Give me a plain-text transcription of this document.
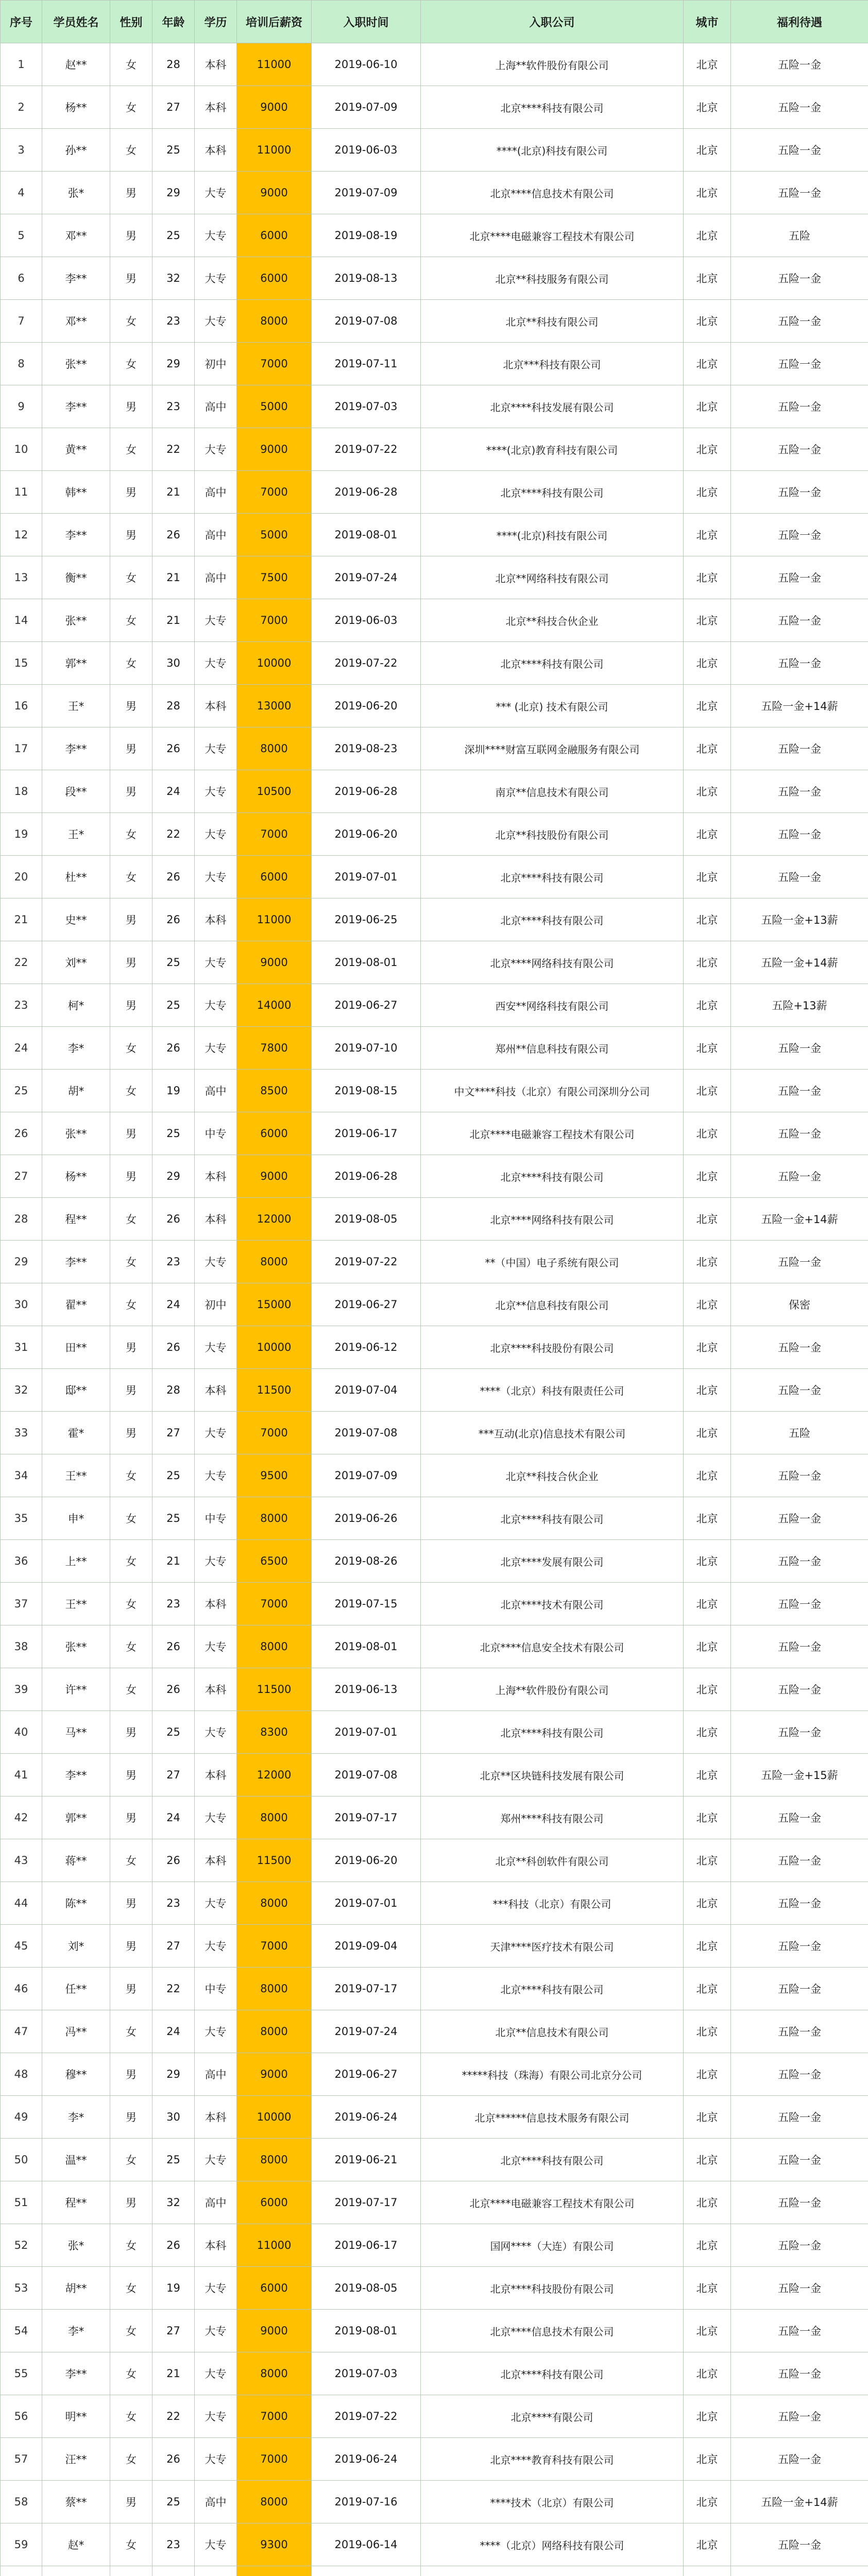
序号	学员姓名	性别	年龄	学历	培训后薪资	入职时间	入职公司	城市	福利待遇
1	赵**	女	28	本科	11000	2019-06-10	上海**软件股份有限公司	北京	五险一金
2	杨**	女	27	本科	9000	2019-07-09	北京****科技有限公司	北京	五险一金
3	孙**	女	25	本科	11000	2019-06-03	****(北京)科技有限公司	北京	五险一金
4	张*	男	29	大专	9000	2019-07-09	北京****信息技术有限公司	北京	五险一金
5	邓**	男	25	大专	6000	2019-08-19	北京****电磁兼容工程技术有限公司	北京	五险
6	李**	男	32	大专	6000	2019-08-13	北京**科技服务有限公司	北京	五险一金
7	邓**	女	23	大专	8000	2019-07-08	北京**科技有限公司	北京	五险一金
8	张**	女	29	初中	7000	2019-07-11	北京***科技有限公司	北京	五险一金
9	李**	男	23	高中	5000	2019-07-03	北京****科技发展有限公司	北京	五险一金
10	黄**	女	22	大专	9000	2019-07-22	****(北京)教育科技有限公司	北京	五险一金
11	韩**	男	21	高中	7000	2019-06-28	北京****科技有限公司	北京	五险一金
12	李**	男	26	高中	5000	2019-08-01	****(北京)科技有限公司	北京	五险一金
13	衡**	女	21	高中	7500	2019-07-24	北京**网络科技有限公司	北京	五险一金
14	张**	女	21	大专	7000	2019-06-03	北京**科技合伙企业	北京	五险一金
15	郭**	女	30	大专	10000	2019-07-22	北京****科技有限公司	北京	五险一金
16	王*	男	28	本科	13000	2019-06-20	*** (北京) 技术有限公司	北京	五险一金+14薪
17	李**	男	26	大专	8000	2019-08-23	深圳****财富互联网金融服务有限公司	北京	五险一金
18	段**	男	24	大专	10500	2019-06-28	南京**信息技术有限公司	北京	五险一金
19	王*	女	22	大专	7000	2019-06-20	北京**科技股份有限公司	北京	五险一金
20	杜**	女	26	大专	6000	2019-07-01	北京****科技有限公司	北京	五险一金
21	史**	男	26	本科	11000	2019-06-25	北京****科技有限公司	北京	五险一金+13薪
22	刘**	男	25	大专	9000	2019-08-01	北京****网络科技有限公司	北京	五险一金+14薪
23	柯*	男	25	大专	14000	2019-06-27	西安**网络科技有限公司	北京	五险+13薪
24	李*	女	26	大专	7800	2019-07-10	郑州**信息科技有限公司	北京	五险一金
25	胡*	女	19	高中	8500	2019-08-15	中文****科技（北京）有限公司深圳分公司	北京	五险一金
26	张**	男	25	中专	6000	2019-06-17	北京****电磁兼容工程技术有限公司	北京	五险一金
27	杨**	男	29	本科	9000	2019-06-28	北京****科技有限公司	北京	五险一金
28	程**	女	26	本科	12000	2019-08-05	北京****网络科技有限公司	北京	五险一金+14薪
29	李**	女	23	大专	8000	2019-07-22	**（中国）电子系统有限公司	北京	五险一金
30	翟**	女	24	初中	15000	2019-06-27	北京**信息科技有限公司	北京	保密
31	田**	男	26	大专	10000	2019-06-12	北京****科技股份有限公司	北京	五险一金
32	邸**	男	28	本科	11500	2019-07-04	****（北京）科技有限责任公司	北京	五险一金
33	霍*	男	27	大专	7000	2019-07-08	***互动(北京)信息技术有限公司	北京	五险
34	王**	女	25	大专	9500	2019-07-09	北京**科技合伙企业	北京	五险一金
35	申*	女	25	中专	8000	2019-06-26	北京****科技有限公司	北京	五险一金
36	上**	女	21	大专	6500	2019-08-26	北京****发展有限公司	北京	五险一金
37	王**	女	23	本科	7000	2019-07-15	北京****技术有限公司	北京	五险一金
38	张**	女	26	大专	8000	2019-08-01	北京****信息安全技术有限公司	北京	五险一金
39	许**	女	26	本科	11500	2019-06-13	上海**软件股份有限公司	北京	五险一金
40	马**	男	25	大专	8300	2019-07-01	北京****科技有限公司	北京	五险一金
41	李**	男	27	本科	12000	2019-07-08	北京**区块链科技发展有限公司	北京	五险一金+15薪
42	郭**	男	24	大专	8000	2019-07-17	郑州****科技有限公司	北京	五险一金
43	蒋**	女	26	本科	11500	2019-06-20	北京**科创软件有限公司	北京	五险一金
44	陈**	男	23	大专	8000	2019-07-01	***科技（北京）有限公司	北京	五险一金
45	刘*	男	27	大专	7000	2019-09-04	天津****医疗技术有限公司	北京	五险一金
46	任**	男	22	中专	8000	2019-07-17	北京****科技有限公司	北京	五险一金
47	冯**	女	24	大专	8000	2019-07-24	北京**信息技术有限公司	北京	五险一金
48	穆**	男	29	高中	9000	2019-06-27	*****科技（珠海）有限公司北京分公司	北京	五险一金
49	李*	男	30	本科	10000	2019-06-24	北京******信息技术服务有限公司	北京	五险一金
50	温**	女	25	大专	8000	2019-06-21	北京****科技有限公司	北京	五险一金
51	程**	男	32	高中	6000	2019-07-17	北京****电磁兼容工程技术有限公司	北京	五险一金
52	张*	女	26	本科	11000	2019-06-17	国网****（大连）有限公司	北京	五险一金
53	胡**	女	19	大专	6000	2019-08-05	北京****科技股份有限公司	北京	五险一金
54	李*	女	27	大专	9000	2019-08-01	北京****信息技术有限公司	北京	五险一金
55	李**	女	21	大专	8000	2019-07-03	北京****科技有限公司	北京	五险一金
56	明**	女	22	大专	7000	2019-07-22	北京****有限公司	北京	五险一金
57	汪**	女	26	大专	7000	2019-06-24	北京****教育科技有限公司	北京	五险一金
58	蔡**	男	25	高中	8000	2019-07-16	****技术（北京）有限公司	北京	五险一金+14薪
59	赵*	女	23	大专	9300	2019-06-14	****（北京）网络科技有限公司	北京	五险一金
